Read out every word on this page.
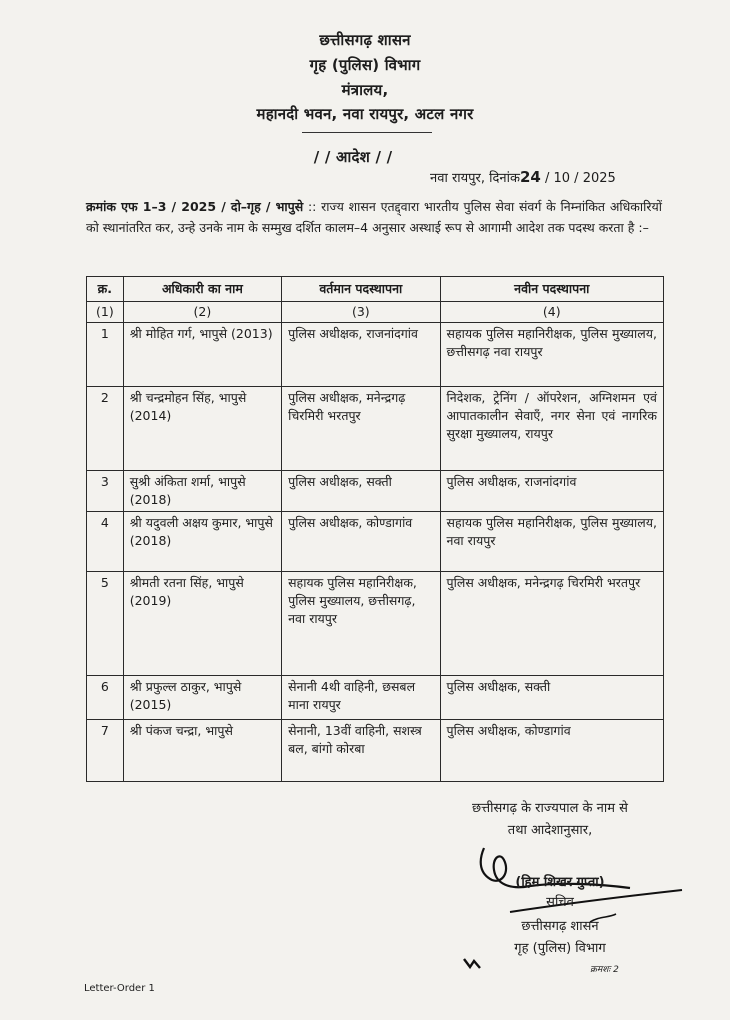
छत्तीसगढ़ शासन
गृह (पुलिस) विभाग
मंत्रालय,
महानदी भवन, नवा रायपुर, अटल नगर
/ / आदेश / /
नवा रायपुर, दिनांक24 / 10 / 2025
क्रमांक एफ 1–3 / 2025 / दो–गृह / भापुसे :: राज्य शासन एतद्द्वारा भारतीय पुलिस सेवा संवर्ग के निम्नांकित अधिकारियों को स्थानांतरित कर, उन्हे उनके नाम के सम्मुख दर्शित कालम–4 अनुसार अस्थाई रूप से आगामी आदेश तक पदस्थ करता है :–
क्र.	अधिकारी का नाम	वर्तमान पदस्थापना	नवीन पदस्थापना
(1)	(2)	(3)	(4)
1	श्री मोहित गर्ग, भापुसे (2013)	पुलिस अधीक्षक, राजनांदगांव	सहायक पुलिस महानिरीक्षक, पुलिस मुख्यालय, छत्तीसगढ़ नवा रायपुर
2	श्री चन्द्रमोहन सिंह, भापुसे (2014)	पुलिस अधीक्षक, मनेन्द्रगढ़ चिरमिरी भरतपुर	निदेशक, ट्रेनिंग / ऑपरेशन, अग्निशमन एवं आपातकालीन सेवाएँ, नगर सेना एवं नागरिक सुरक्षा मुख्यालय, रायपुर
3	सुश्री अंकिता शर्मा, भापुसे (2018)	पुलिस अधीक्षक, सक्ती	पुलिस अधीक्षक, राजनांदगांव
4	श्री यदुवली अक्षय कुमार, भापुसे (2018)	पुलिस अधीक्षक, कोण्डागांव	सहायक पुलिस महानिरीक्षक, पुलिस मुख्यालय, नवा रायपुर
5	श्रीमती रतना सिंह, भापुसे (2019)	सहायक पुलिस महानिरीक्षक, पुलिस मुख्यालय, छत्तीसगढ़, नवा रायपुर	पुलिस अधीक्षक, मनेन्द्रगढ़ चिरमिरी भरतपुर
6	श्री प्रफुल्ल ठाकुर, भापुसे (2015)	सेनानी 4थी वाहिनी, छसबल माना रायपुर	पुलिस अधीक्षक, सक्ती
7	श्री पंकज चन्द्रा, भापुसे	सेनानी, 13वीं वाहिनी, सशस्त्र बल, बांगो कोरबा	पुलिस अधीक्षक, कोण्डागांव
छत्तीसगढ़ के राज्यपाल के नाम से
तथा आदेशानुसार,
(हिम शिखर गुप्ता)
सचिव
छत्तीसगढ़ शासन
गृह (पुलिस) विभाग
क्रमशः 2
Letter-Order 1
